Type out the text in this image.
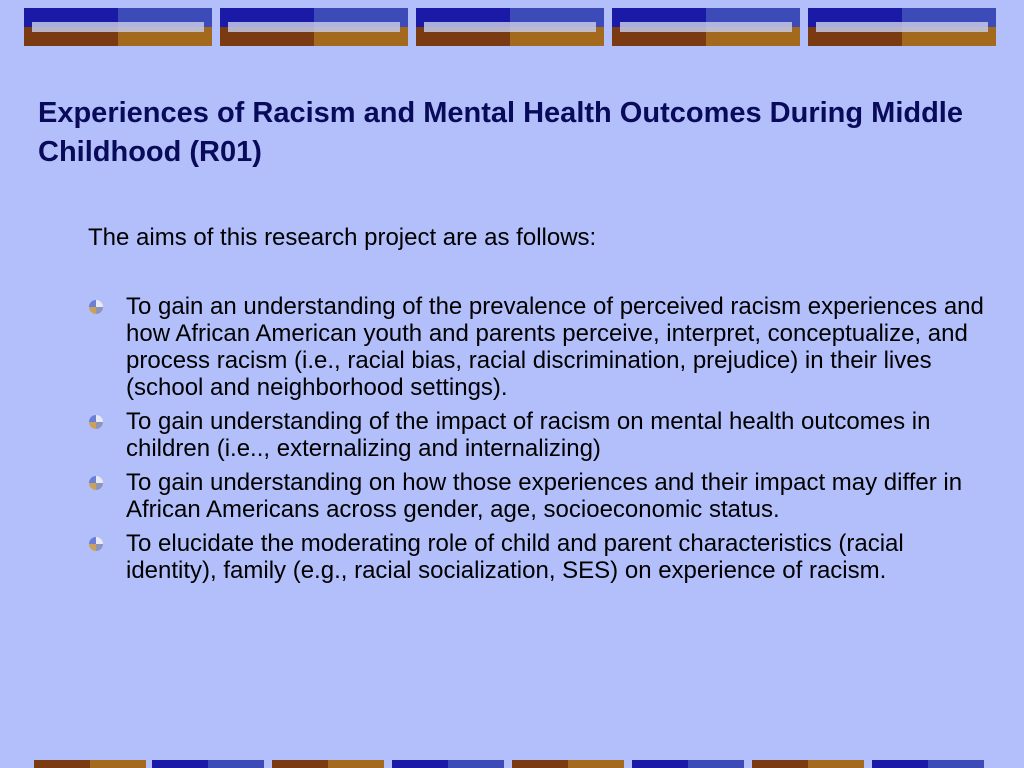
Experiences of Racism and Mental Health Outcomes During Middle Childhood (R01)

The aims of this research project are as follows:

To gain an understanding of the prevalence of perceived racism experiences and how African American youth and parents perceive, interpret, conceptualize, and process racism (i.e., racial bias, racial discrimination, prejudice) in their lives (school and neighborhood settings).
To gain understanding of the impact of racism on mental health outcomes in children (i.e.., externalizing and internalizing)
To gain understanding on how those experiences and their impact may differ in African Americans across gender, age, socioeconomic status.
To elucidate the moderating role of child and parent characteristics (racial identity), family (e.g., racial socialization, SES) on experience of racism.
